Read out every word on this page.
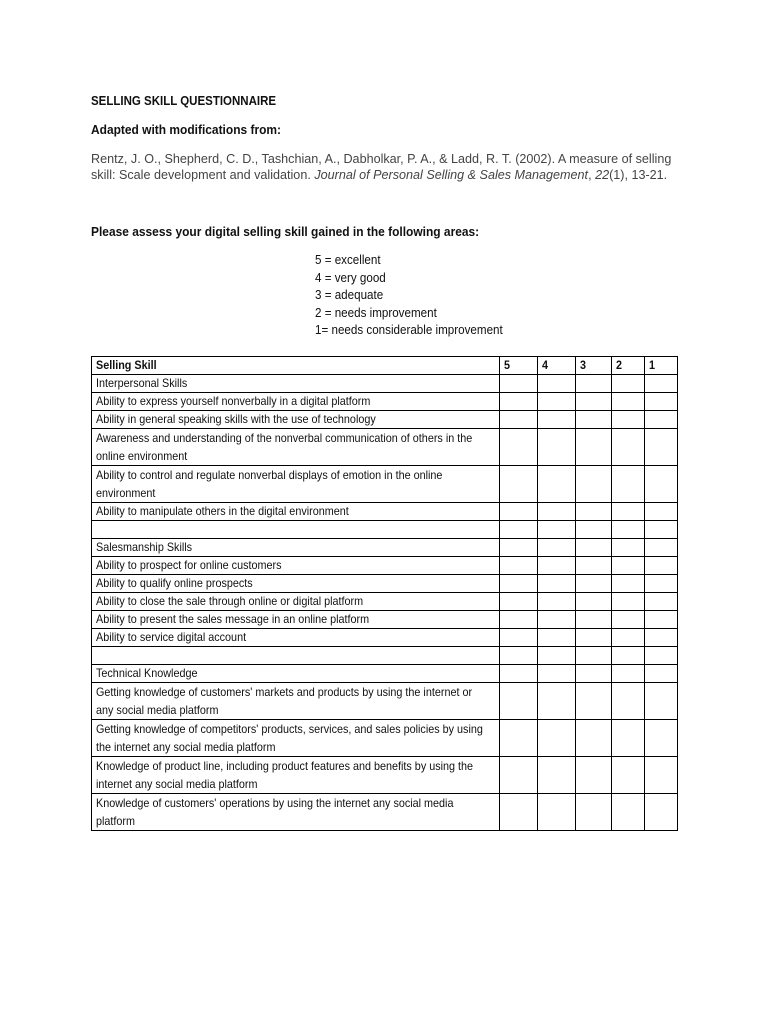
SELLING SKILL QUESTIONNAIRE
Adapted with modifications from:
Rentz, J. O., Shepherd, C. D., Tashchian, A., Dabholkar, P. A., & Ladd, R. T. (2002). A measure of selling skill: Scale development and validation. Journal of Personal Selling & Sales Management, 22(1), 13-21.
Please assess your digital selling skill gained in the following areas:
5 = excellent
4 = very good
3 = adequate
2 = needs improvement
1= needs considerable improvement
Selling Skill	5	4	3	2	1
Interpersonal Skills					
Ability to express yourself nonverbally in a digital platform					
Ability in general speaking skills with the use of technology					

Awareness and understanding of the nonverbal communication of others in the online environment					

Ability to control and regulate nonverbal displays of emotion in the online environment					

Ability to manipulate others in the digital environment					

Salesmanship Skills					
Ability to prospect for online customers					
Ability to qualify online prospects					
Ability to close the sale through online or digital platform					
Ability to present the sales message in an online platform					
Ability to service digital account					

Technical Knowledge					

Getting knowledge of customers' markets and products by using the internet or any social media platform					

Getting knowledge of competitors' products, services, and sales policies by using the internet any social media platform					

Knowledge of product line, including product features and benefits by using the internet any social media platform					

Knowledge of customers' operations by using the internet any social media platform					
